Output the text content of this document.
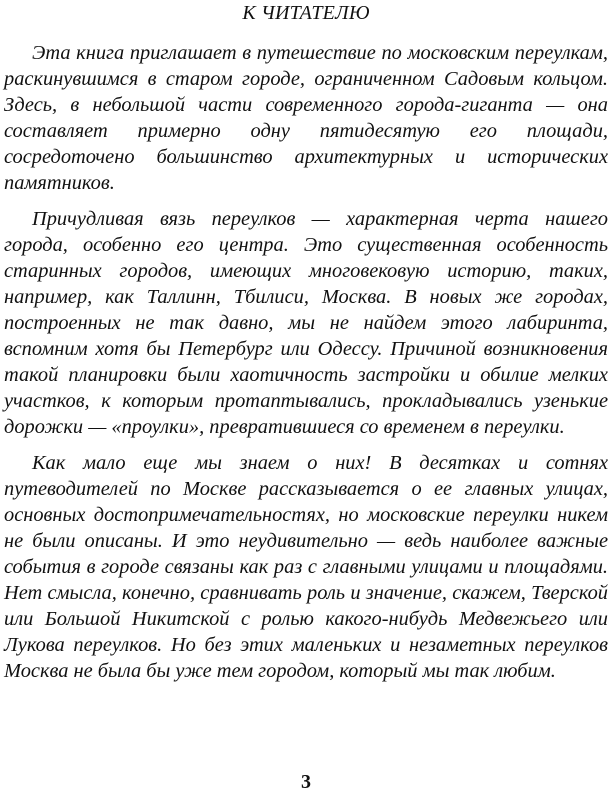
К ЧИТАТЕЛЮ

Эта книга приглашает в путешествие по московским переулкам, раскинувшимся в старом городе, ограниченном Садовым кольцом. Здесь, в небольшой части современного города-гиганта — она составляет примерно одну пятидесятую его площади, сосредоточено большинство архитектурных и исторических памятников.

Причудливая вязь переулков — характерная черта нашего города, особенно его центра. Это существенная особенность старинных городов, имеющих многовековую историю, таких, например, как Таллинн, Тбилиси, Москва. В новых же городах, построенных не так давно, мы не найдем этого лабиринта, вспомним хотя бы Петербург или Одессу. Причиной возникновения такой планировки были хаотичность застройки и обилие мелких участков, к которым протаптывались, прокладывались узенькие дорожки — «проулки», превратившиеся со временем в переулки.

Как мало еще мы знаем о них! В десятках и сотнях путеводителей по Москве рассказывается о ее главных улицах, основных достопримечательностях, но московские переулки никем не были описаны. И это неудивительно — ведь наиболее важные события в городе связаны как раз с главными улицами и площадями. Нет смысла, конечно, сравнивать роль и значение, скажем, Тверской или Большой Никитской с ролью какого-нибудь Медвежьего или Лукова переулков. Но без этих маленьких и незаметных переулков Москва не была бы уже тем городом, который мы так любим.

3
